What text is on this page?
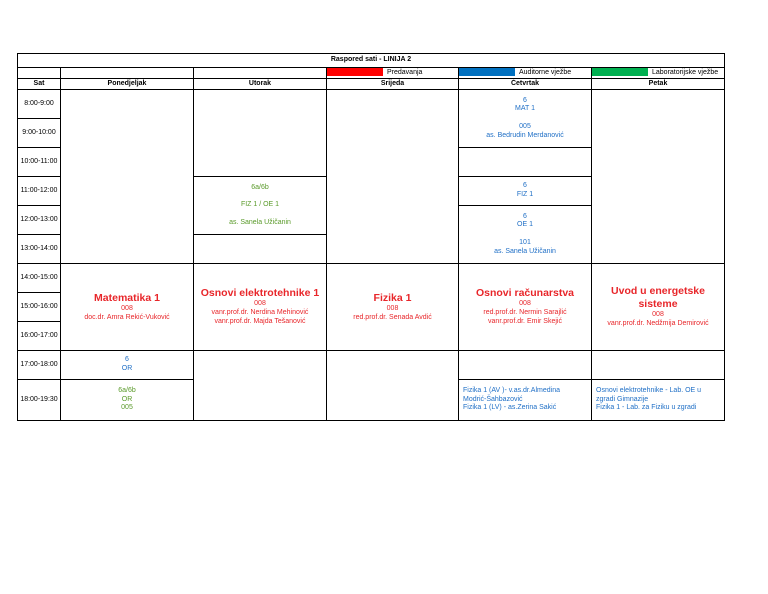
Raspored sati - LINIJA 2					
			Predavanja	Auditorne vježbe	Laboratorijske vježbe
Sat	Ponedjeljak	Utorak	Srijeda	Četvrtak	Petak
8:00-9:00				6
MAT 1

005
as. Bedrudin Merdanović	

9:00-10:00					
10:00-11:00					
11:00-12:00		6a/6b

FIZ 1 / OE 1

as. Sanela Užičanin		6
FIZ 1	

12:00-13:00				6
OE 1

101
as. Sanela Užičanin	

13:00-14:00					
14:00-15:00	Matematika 1
008
doc.dr. Amra Rekić-Vuković	Osnovi elektrotehnike 1
008
vanr.prof.dr. Nerdina Mehinović
vanr.prof.dr. Majda Tešanović	Fizika 1
008
red.prof.dr. Senada Avdić	Osnovi računarstva
008
red.prof.dr. Nermin Sarajlić
vanr.prof.dr. Emir Skejić	Uvod u energetske sisteme
008
vanr.prof.dr. Nedžmija Demirović

15:00-16:00					
16:00-17:00					
17:00-18:00	6
OR				

18:00-19:30	6a/6b
OR
005			Fizika 1 (AV )- v.as.dr.Almedina
Modrić-Šahbazović
Fizika 1 (LV) - as.Zerina Sakić	Osnovi elektrotehnike - Lab. OE u
zgradi Gimnazije
Fizika 1 - Lab. za Fiziku u zgradi
